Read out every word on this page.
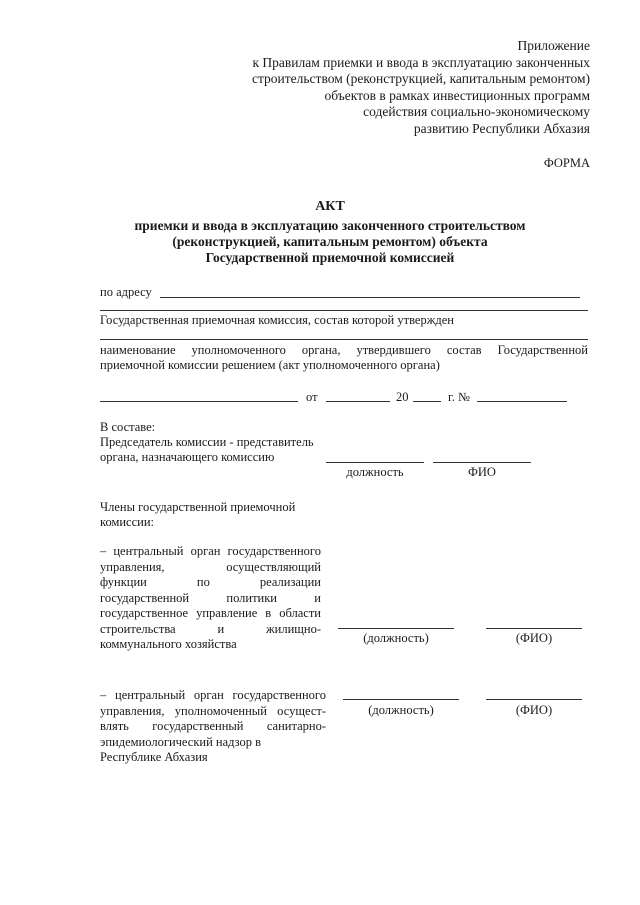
Приложение
к Правилам приемки и ввода в эксплуатацию законченных
строительством (реконструкцией, капитальным ремонтом)
объектов в рамках инвестиционных программ
содействия социально-экономическому
развитию Республики Абхазия
ФОРМА
АКТ
приемки и ввода в эксплуатацию законченного строительством
(реконструкцией, капитальным ремонтом) объекта
Государственной приемочной комиссией
по адресу
Государственная приемочная комиссия, состав которой утвержден
наименование уполномоченного органа, утвердившего состав Государственной
приемочной комиссии решением (акт уполномоченного органа)
от	20	г. №
В составе:
Председатель комиссии - представитель
органа, назначающего комиссию
должность	ФИО
Члены государственной приемочной
комиссии:
– центральный орган государственного
управления, осуществляющий
функции по реализации
государственной политики и
государственное управление в области
строительства и жилищно-
коммунального хозяйства	(должность)	(ФИО)
– центральный орган государственного
управления, уполномоченный осущест-
влять государственный санитарно-
эпидемиологический надзор в
Республике Абхазия
(должность)	(ФИО)
